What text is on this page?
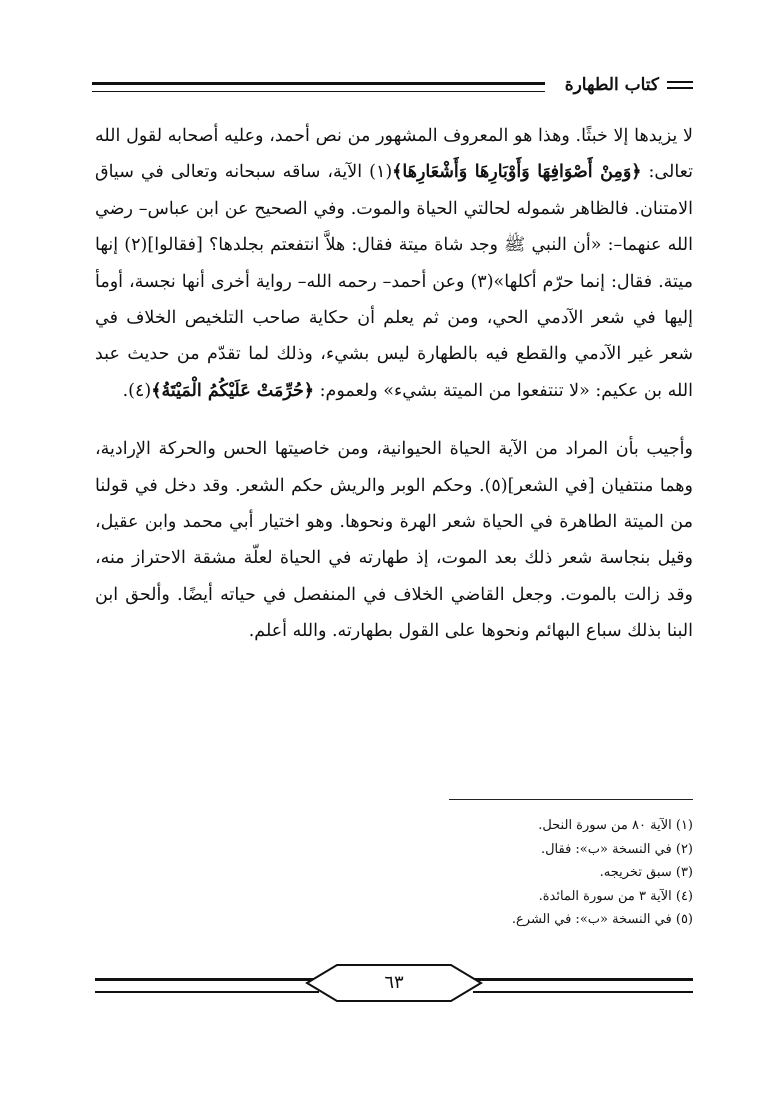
كتاب الطهارة

لا يزيدها إلا خبثًا. وهذا هو المعروف المشهور من نص أحمد، وعليه أصحابه لقول الله تعالى: ﴿وَمِنْ أَصْوَافِهَا وَأَوْبَارِهَا وَأَشْعَارِهَا﴾(١) الآية، ساقه سبحانه وتعالى في سياق الامتنان. فالظاهر شموله لحالتي الحياة والموت. وفي الصحيح عن ابن عباس– رضي الله عنهما–: «أن النبي ﷺ وجد شاة ميتة فقال: هلاَّ انتفعتم بجلدها؟ [فقالوا](٢) إنها ميتة. فقال: إنما حرّم أكلها»(٣) وعن أحمد– رحمه الله– رواية أخرى أنها نجسة، أومأ إليها في شعر الآدمي الحي، ومن ثم يعلم أن حكاية صاحب التلخيص الخلاف في شعر غير الآدمي والقطع فيه بالطهارة ليس بشيء، وذلك لما تقدّم من حديث عبد الله بن عكيم: «لا تنتفعوا من الميتة بشيء» ولعموم: ﴿حُرِّمَتْ عَلَيْكُمُ الْمَيْتَةُ﴾(٤).

وأجيب بأن المراد من الآية الحياة الحيوانية، ومن خاصيتها الحس والحركة الإرادية، وهما منتفيان [في الشعر](٥). وحكم الوبر والريش حكم الشعر. وقد دخل في قولنا من الميتة الطاهرة في الحياة شعر الهرة ونحوها. وهو اختيار أبي محمد وابن عقيل، وقيل بنجاسة شعر ذلك بعد الموت، إذ طهارته في الحياة لعلّة مشقة الاحتراز منه، وقد زالت بالموت. وجعل القاضي الخلاف في المنفصل في حياته أيضًا. وألحق ابن البنا بذلك سباع البهائم ونحوها على القول بطهارته. والله أعلم.

(١) الآية ٨٠ من سورة النحل.
(٢) في النسخة «ب»: فقال.
(٣) سبق تخريجه.
(٤) الآية ٣ من سورة المائدة.
(٥) في النسخة «ب»: في الشرع.
٦٣
